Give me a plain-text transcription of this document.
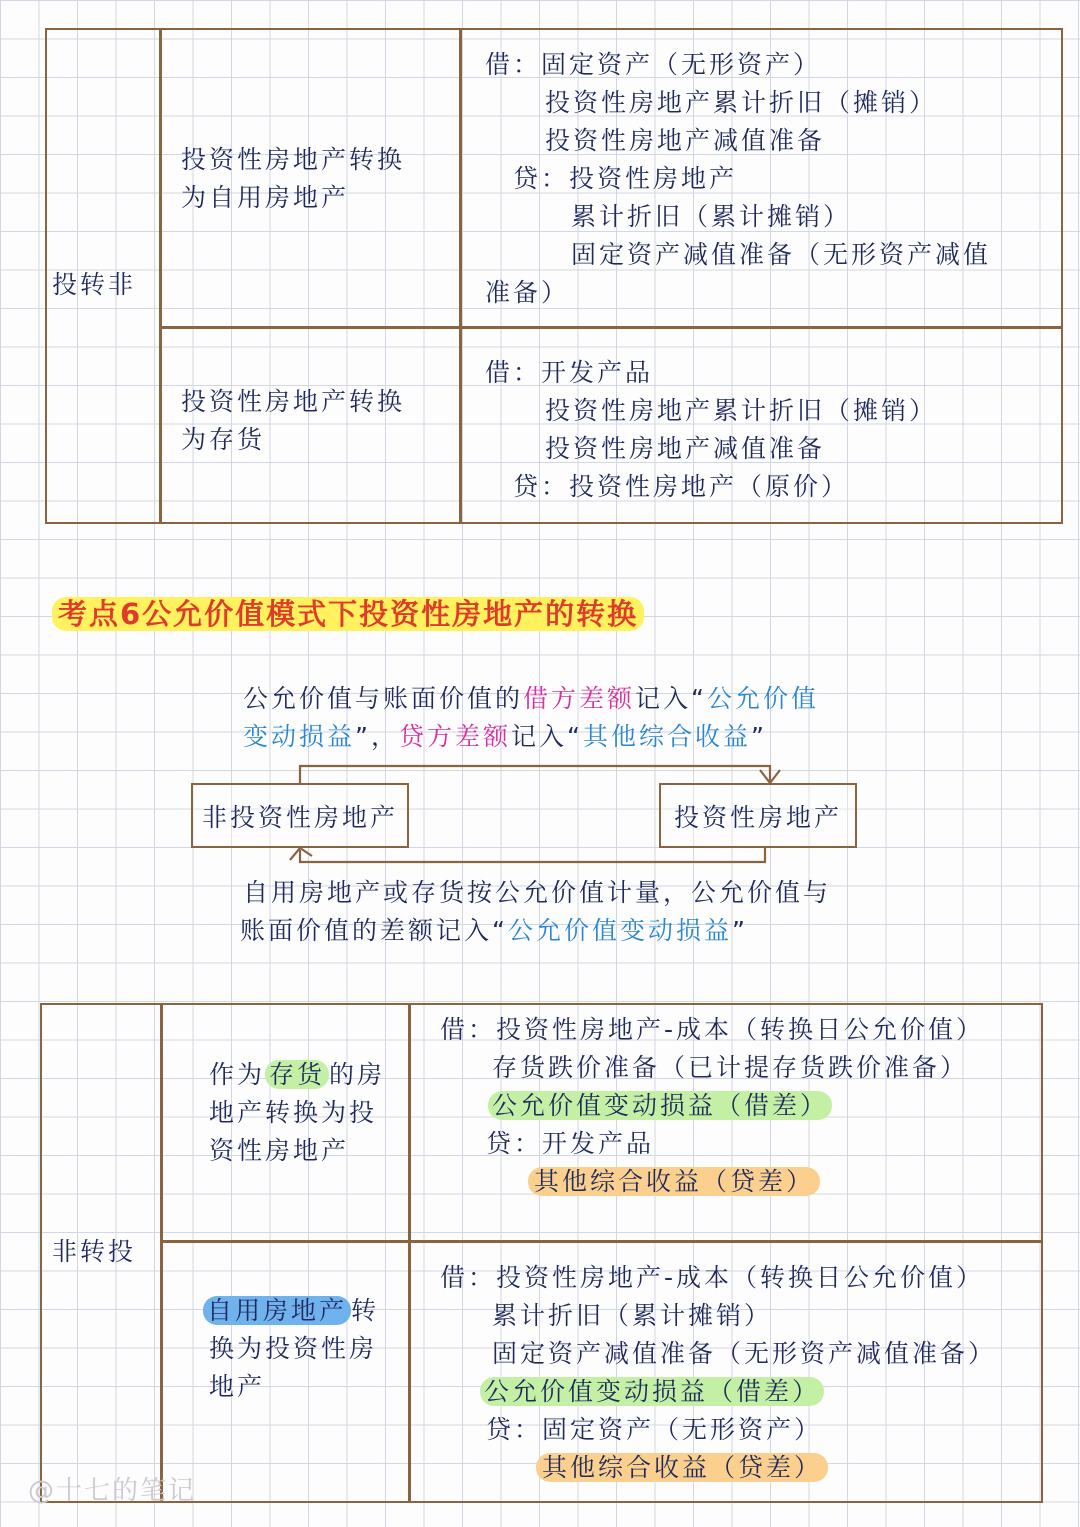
投转非
投资性房地产转换
为自用房地产
借：固定资产（无形资产）
投资性房地产累计折旧（摊销）
投资性房地产减值准备
贷：投资性房地产
累计折旧（累计摊销）
固定资产减值准备（无形资产减值
准备）
投资性房地产转换
为存货
借：开发产品
投资性房地产累计折旧（摊销）
投资性房地产减值准备
贷：投资性房地产（原价）
考点6公允价值模式下投资性房地产的转换
公允价值与账面价值的借方差额记入“公允价值
变动损益”，贷方差额记入“其他综合收益”
非投资性房地产	投资性房地产
自用房地产或存货按公允价值计量，公允价值与
账面价值的差额记入“公允价值变动损益”
非转投
作为 存货 的房
地产转换为投
资性房地产
借：投资性房地产-成本（转换日公允价值）
存货跌价准备（已计提存货跌价准备）
公允价值变动损益（借差）
贷：开发产品
其他综合收益（贷差）
自用房地产 转
换为投资性房
地产
借：投资性房地产-成本（转换日公允价值）
累计折旧（累计摊销）
固定资产减值准备（无形资产减值准备）
公允价值变动损益（借差）
贷：固定资产（无形资产）
其他综合收益（贷差）
@十七的笔记
